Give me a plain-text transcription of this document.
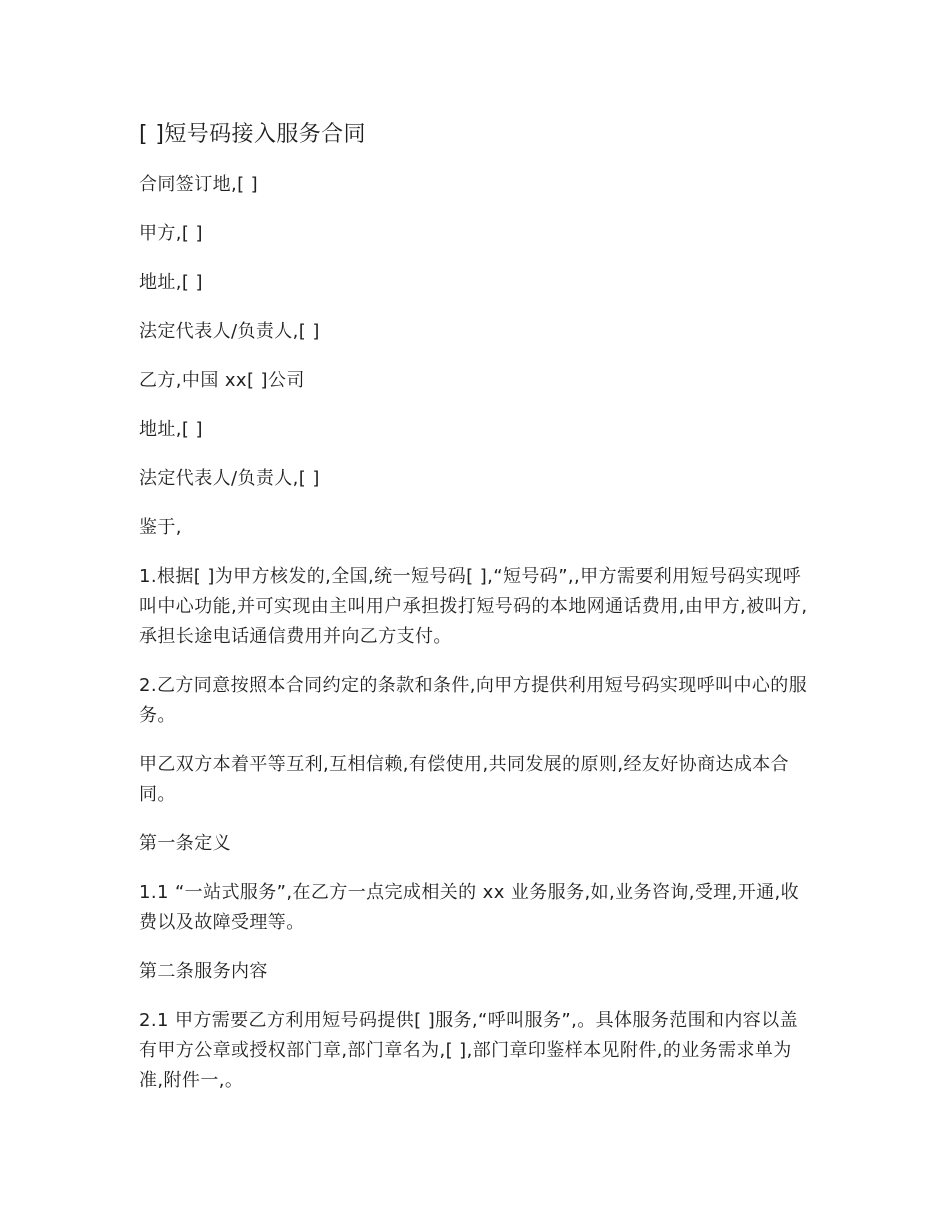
[ ]短号码接入服务合同
合同签订地,[ ]
甲方,[ ]
地址,[ ]
法定代表人/负责人,[ ]
乙方,中国 xx[ ]公司
地址,[ ]
法定代表人/负责人,[ ]
鉴于,
1.根据[ ]为甲方核发的,全国,统一短号码[ ],“短号码”,,甲方需要利用短号码实现呼叫中心功能,并可实现由主叫用户承担拨打短号码的本地网通话费用,由甲方,被叫方,承担长途电话通信费用并向乙方支付。
2.乙方同意按照本合同约定的条款和条件,向甲方提供利用短号码实现呼叫中心的服务。
甲乙双方本着平等互利,互相信赖,有偿使用,共同发展的原则,经友好协商达成本合同。
第一条定义
1.1 “一站式服务”,在乙方一点完成相关的 xx 业务服务,如,业务咨询,受理,开通,收费以及故障受理等。
第二条服务内容
2.1 甲方需要乙方利用短号码提供[ ]服务,“呼叫服务”,。具体服务范围和内容以盖有甲方公章或授权部门章,部门章名为,[ ],部门章印鉴样本见附件,的业务需求单为准,附件一,。
